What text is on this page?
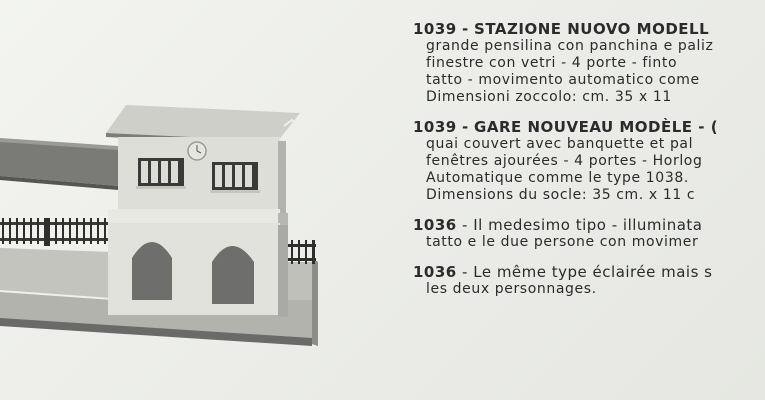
1039 - STAZIONE NUOVO MODELL
grande pensilina con panchina e paliz
finestre con vetri - 4 porte - finto
tatto - movimento automatico come
Dimensioni zoccolo: cm. 35 x 11
1039 - GARE NOUVEAU MODÈLE - (
quai couvert avec banquette et pal
fenêtres ajourées - 4 portes - Horlog
Automatique comme le type 1038.
Dimensions du socle: 35 cm. x 11 c
1036 - Il medesimo tipo - illuminata
tatto e le due persone con movimer
1036 - Le même type éclairée mais s
les deux personnages.
